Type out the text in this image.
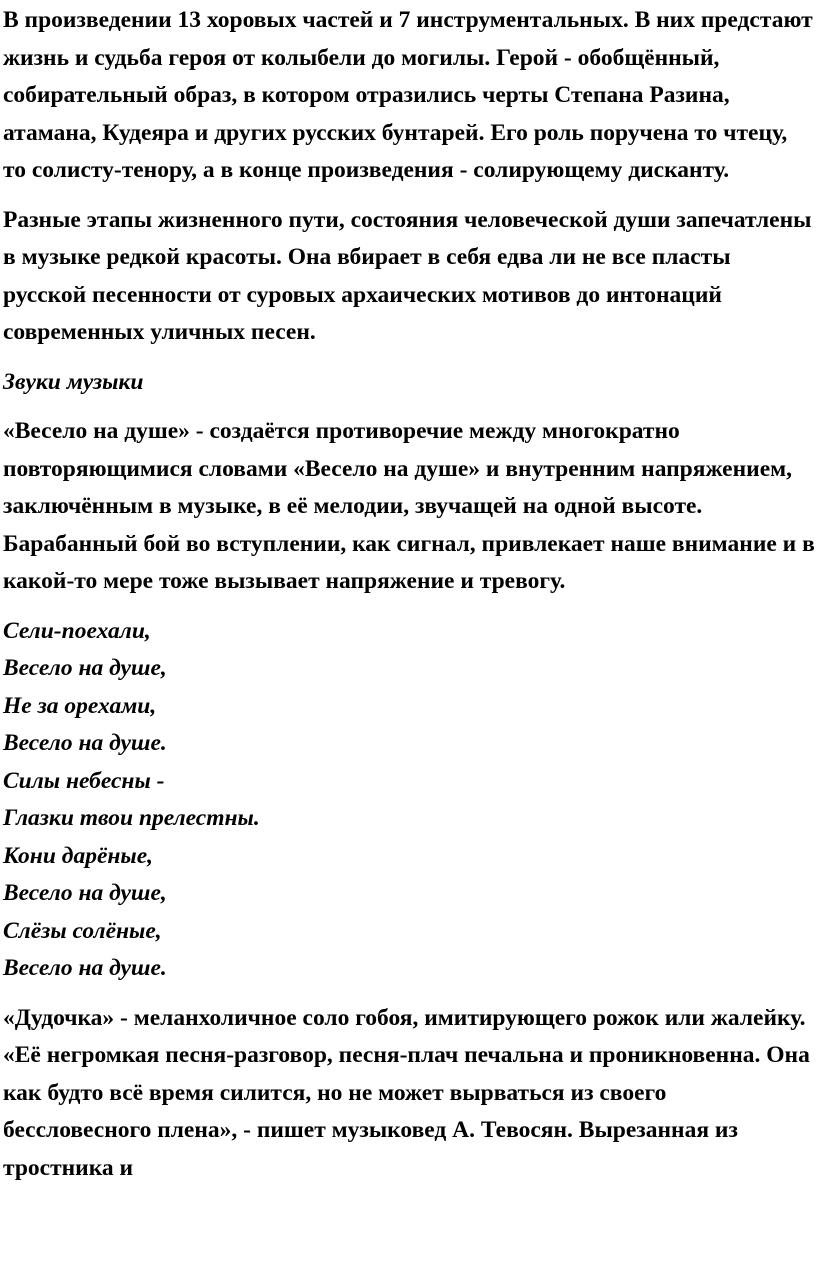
В произведении 13 хоровых частей и 7 инструментальных. В них предстают жизнь и судьба героя от колыбели до могилы. Герой - обобщённый, собирательный образ, в котором отразились черты Степана Разина, атамана, Кудеяра и других русских бунтарей. Его роль поручена то чтецу, то солисту-тенору, а в конце произведения - солирующему дисканту.

Разные этапы жизненного пути, состояния человеческой души запечатлены в музыке редкой красоты. Она вбирает в себя едва ли не все пласты русской песенности от суровых архаических мотивов до интонаций современных уличных песен.

Звуки музыки

«Весело на душе» - создаётся противоречие между многократно повторяющимися словами «Весело на душе» и внутренним напряжением, заключённым в музыке, в её мелодии, звучащей на одной высоте. Барабанный бой во вступлении, как сигнал, привлекает наше внимание и в какой-то мере тоже вызывает напряжение и тревогу.

Сели-поехали,
Весело на душе,
Не за орехами,
Весело на душе.
Силы небесны -
Глазки твои прелестны.
Кони дарёные,
Весело на душе,
Слёзы солёные,
Весело на душе.

«Дудочка» - меланхоличное соло гобоя, имитирующего рожок или жалейку. «Её негромкая песня-разговор, песня-плач печальна и проникновенна. Она как будто всё время силится, но не может вырваться из своего бессловесного плена», - пишет музыковед А. Тевосян. Вырезанная из тростника и
